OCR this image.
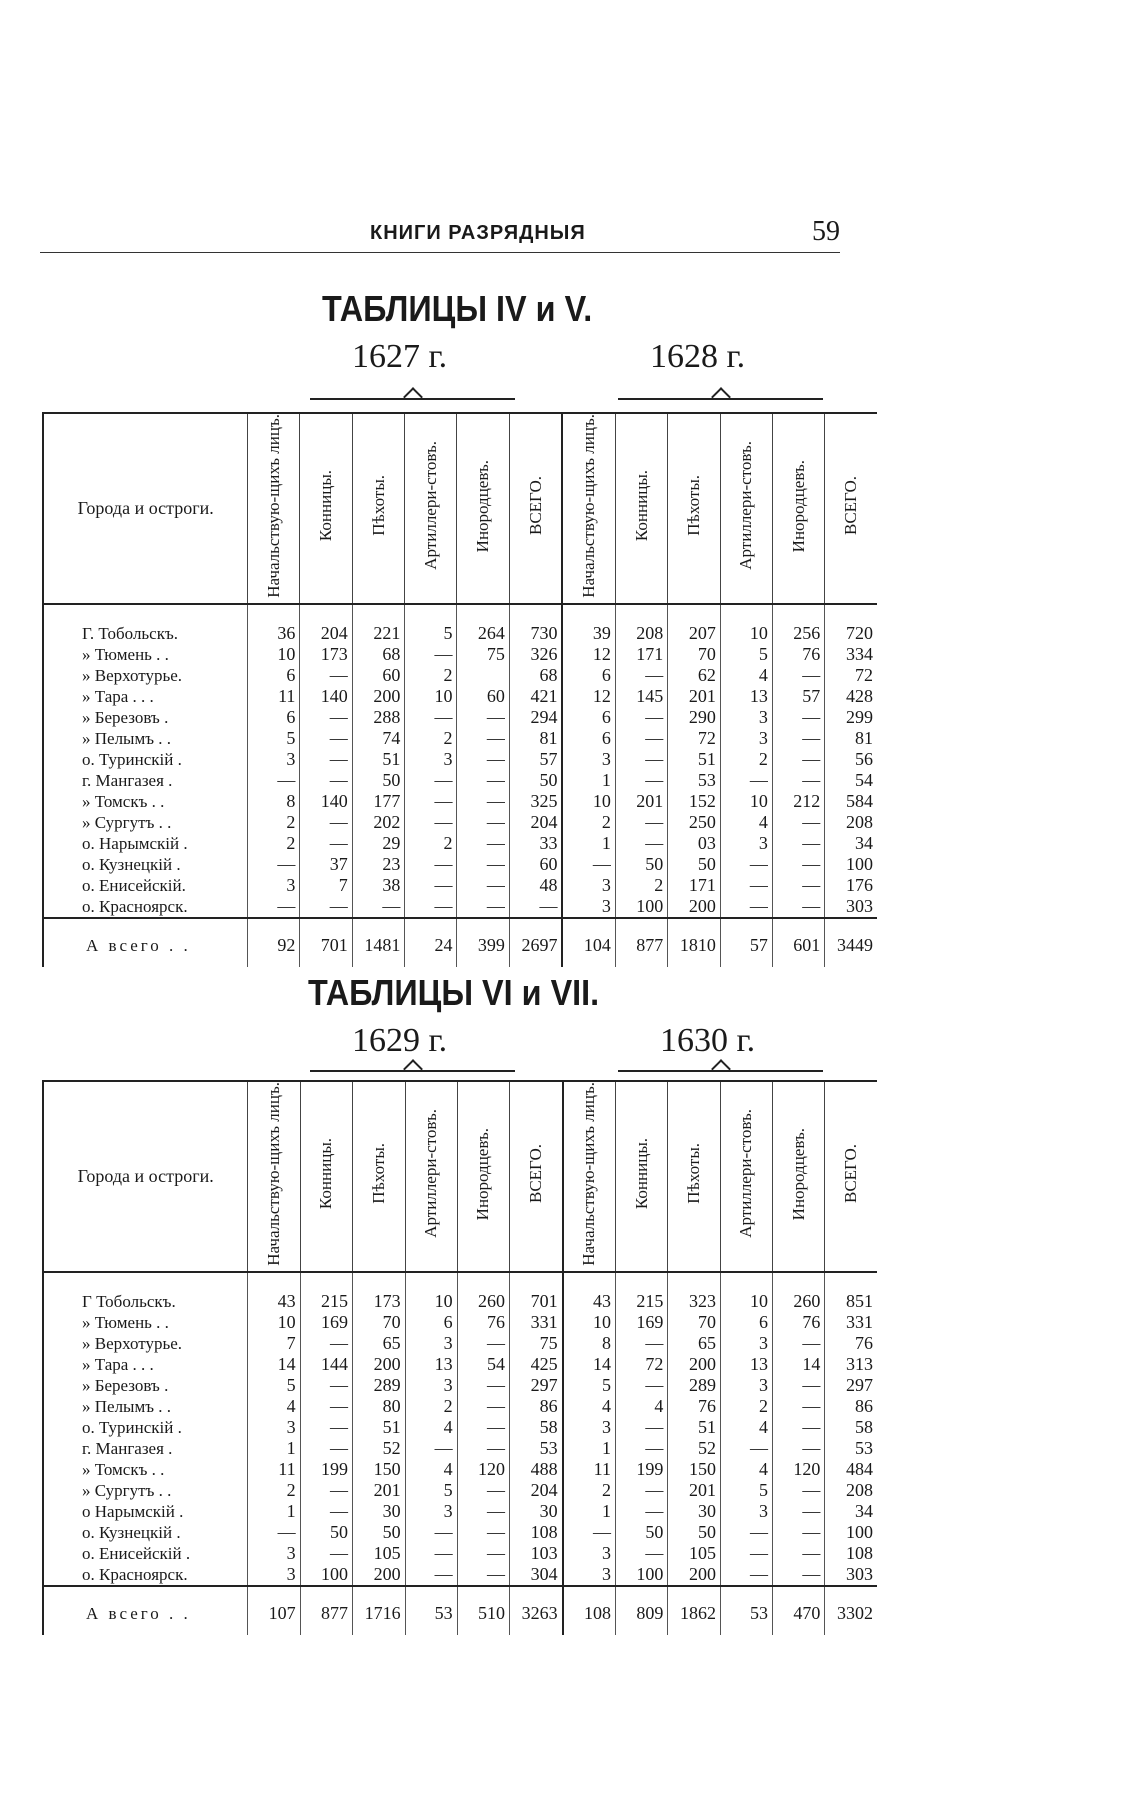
КНИГИ РАЗРЯДНЫЯ	59
ТАБЛИЦЫ IV и V.
1627 г.	1628 г.
Города и остроги.	Начальствую-щихъ лицъ.	Конницы.	Пѣхоты.	Артиллери-стовъ.	Инородцевъ.	ВСЕГО.	Начальствую-щихъ лицъ.	Конницы.	Пѣхоты.	Артиллери-стовъ.	Инородцевъ.	ВСЕГО.
Г. Тобольскъ.	36	204	221	5	264	730	39	208	207	10	256	720
» Тюмень . .	10	173	68	—	75	326	12	171	70	5	76	334
» Верхотурье.	6	—	60	2		68	6	—	62	4	—	72
» Тара . . .	11	140	200	10	60	421	12	145	201	13	57	428
» Березовъ .	6	—	288	—	—	294	6	—	290	3	—	299
» Пелымъ . .	5	—	74	2	—	81	6	—	72	3	—	81
о. Туринскій .	3	—	51	3	—	57	3	—	51	2	—	56
г. Мангазея .	—	—	50	—	—	50	1	—	53	—	—	54
» Томскъ . .	8	140	177	—	—	325	10	201	152	10	212	584
» Сургутъ . .	2	—	202	—	—	204	2	—	250	4	—	208
о. Нарымскій .	2	—	29	2	—	33	1	—	03	3	—	34
о. Кузнецкій .	—	37	23	—	—	60	—	50	50	—	—	100
о. Енисейскій.	3	7	38	—	—	48	3	2	171	—	—	176
о. Красноярск.	—	—	—	—	—	—	3	100	200	—	—	303
А всего . .	92	701	1481	24	399	2697	104	877	1810	57	601	3449
ТАБЛИЦЫ VI и VII.
1629 г.	1630 г.
Города и остроги.	Начальствую-щихъ лицъ.	Конницы.	Пѣхоты.	Артиллери-стовъ.	Инородцевъ.	ВСЕГО.	Начальствую-щихъ лицъ.	Конницы.	Пѣхоты.	Артиллери-стовъ.	Инородцевъ.	ВСЕГО.
Г Тобольскъ.	43	215	173	10	260	701	43	215	323	10	260	851
» Тюмень . .	10	169	70	6	76	331	10	169	70	6	76	331
» Верхотурье.	7	—	65	3	—	75	8	—	65	3	—	76
» Тара . . .	14	144	200	13	54	425	14	72	200	13	14	313
» Березовъ .	5	—	289	3	—	297	5	—	289	3	—	297
» Пелымъ . .	4	—	80	2	—	86	4	4	76	2	—	86
о. Туринскій .	3	—	51	4	—	58	3	—	51	4	—	58
г. Мангазея .	1	—	52	—	—	53	1	—	52	—	—	53
» Томскъ . .	11	199	150	4	120	488	11	199	150	4	120	484
» Сургутъ . .	2	—	201	5	—	204	2	—	201	5	—	208
о Нарымскій .	1	—	30	3	—	30	1	—	30	3	—	34
о. Кузнецкій .	—	50	50	—	—	108	—	50	50	—	—	100
о. Енисейскій .	3	—	105	—	—	103	3	—	105	—	—	108
о. Красноярск.	3	100	200	—	—	304	3	100	200	—	—	303
А всего . .	107	877	1716	53	510	3263	108	809	1862	53	470	3302
